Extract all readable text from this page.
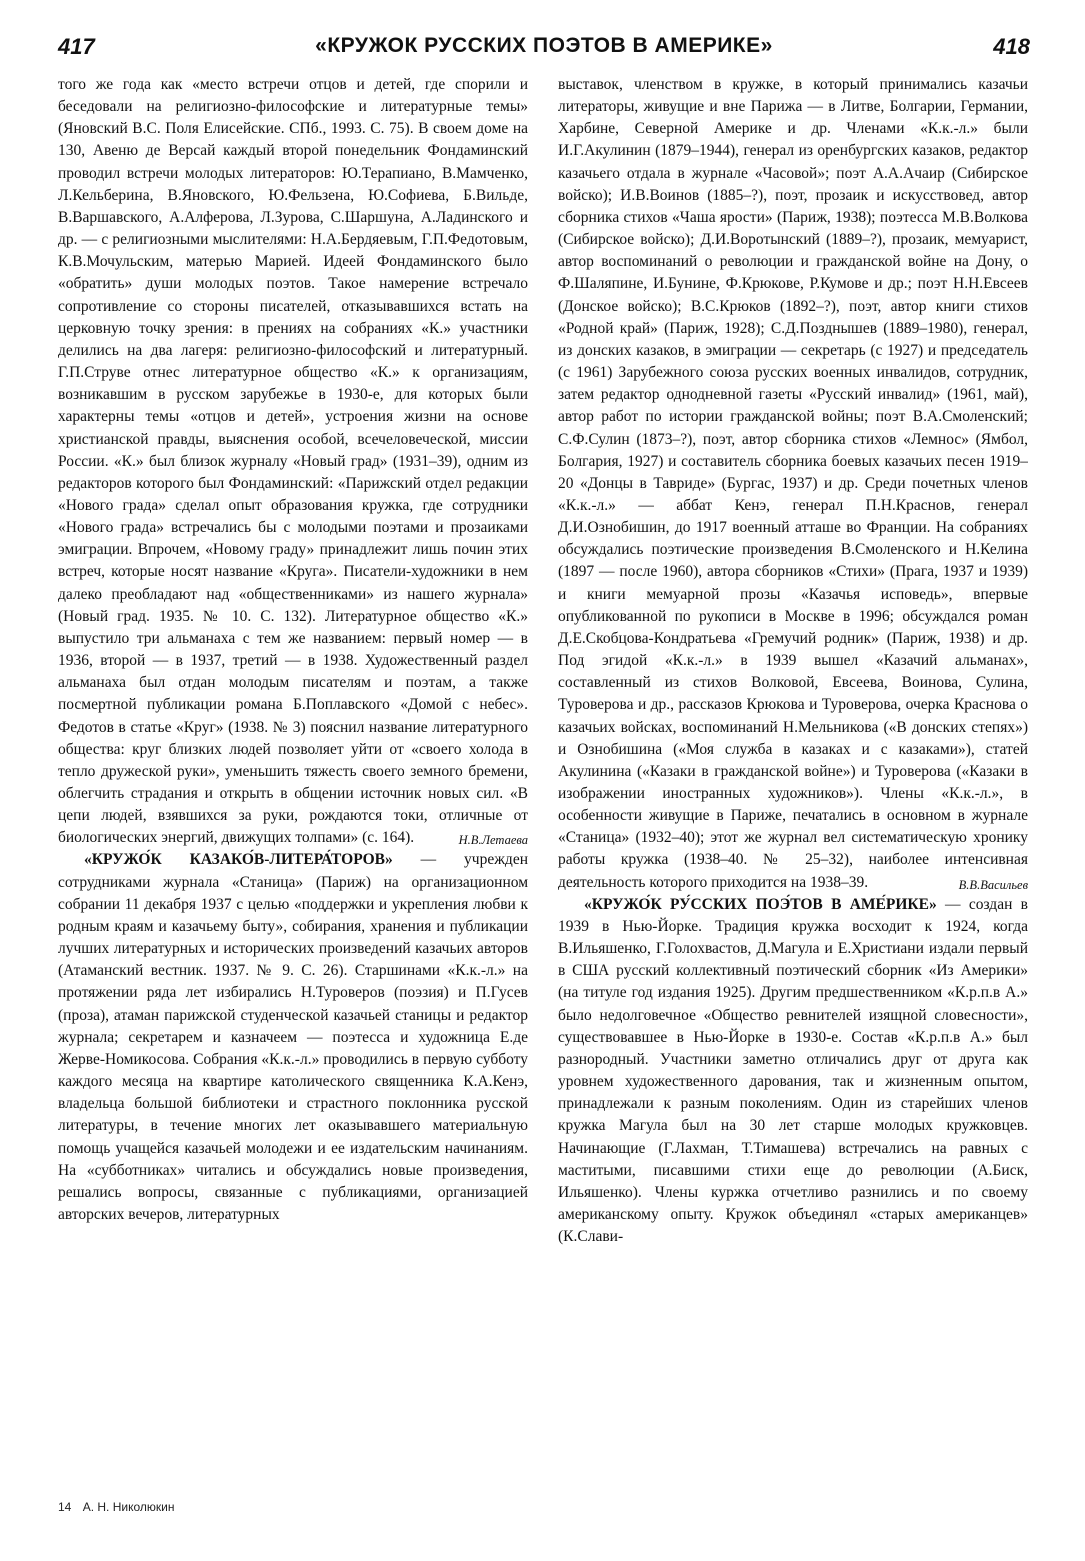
417	«КРУЖОК РУССКИХ ПОЭТОВ В АМЕРИКЕ»	418

того же года как «место встречи отцов и детей, где спорили и беседовали на религиозно-философские и литературные темы» (Яновский В.С. Поля Елисейские. СПб., 1993. С. 75). В своем доме на 130, Авеню де Версай каждый второй понедельник Фондаминский проводил встречи молодых литераторов: Ю.Терапиано, В.Мамченко, Л.Кельберина, В.Яновского, Ю.Фельзена, Ю.Софиева, Б.Вильде, В.Варшавского, А.Алферова, Л.Зурова, С.Шаршуна, А.Ладинского и др. — с религиозными мыслителями: Н.А.Бердяевым, Г.П.Федотовым, К.В.Мочульским, матерью Марией. Идеей Фондаминского было «обратить» души молодых поэтов. Такое намерение встречало сопротивление со стороны писателей, отказывавшихся встать на церковную точку зрения: в прениях на собраниях «К.» участники делились на два лагеря: религиозно-философский и литературный. Г.П.Струве отнес литературное общество «К.» к организациям, возникавшим в русском зарубежье в 1930-е, для которых были характерны темы «отцов и детей», устроения жизни на основе христианской правды, выяснения особой, всечеловеческой, миссии России. «К.» был близок журналу «Новый град» (1931–39), одним из редакторов которого был Фондаминский: «Парижский отдел редакции «Нового града» сделал опыт образования кружка, где сотрудники «Нового града» встречались бы с молодыми поэтами и прозаиками эмиграции. Впрочем, «Новому граду» принадлежит лишь почин этих встреч, которые носят название «Круга». Писатели-художники в нем далеко преобладают над «общественниками» из нашего журнала» (Новый град. 1935. № 10. С. 132). Литературное общество «К.» выпустило три альманаха с тем же названием: первый номер — в 1936, второй — в 1937, третий — в 1938. Художественный раздел альманаха был отдан молодым писателям и поэтам, а также посмертной публикации романа Б.Поплавского «Домой с небес». Федотов в статье «Круг» (1938. № 3) пояснил название литературного общества: круг близких людей позволяет уйти от «своего холода в тепло дружеской руки», уменьшить тяжесть своего земного бремени, облегчить страдания и открыть в общении источник новых сил. «В цепи людей, взявшихся за руки, рождаются токи, отличные от биологических энергий, движущих толпами» (с. 164).	Н.В.Летаева

«КРУЖО́К КАЗАКО́В-ЛИТЕРА́ТОРОВ» — учрежден сотрудниками журнала «Станица» (Париж) на организационном собрании 11 декабря 1937 с целью «поддержки и укрепления любви к родным краям и казачьему быту», собирания, хранения и публикации лучших литературных и исторических произведений казачьих авторов (Атаманский вестник. 1937. № 9. С. 26). Старшинами «К.к.-л.» на протяжении ряда лет избирались Н.Туроверов (поэзия) и П.Гусев (проза), атаман парижской студенческой казачьей станицы и редактор журнала; секретарем и казначеем — поэтесса и художница Е.де Жерве-Номикосова. Собрания «К.к.-л.» проводились в первую субботу каждого месяца на квартире католического священника К.А.Кенэ, владельца большой библиотеки и страстного поклонника русской литературы, в течение многих лет оказывавшего материальную помощь учащейся казачьей молодежи и ее издательским начинаниям. На «субботниках» читались и обсуждались новые произведения, решались вопросы, связанные с публикациями, организацией авторских вечеров, литературных

выставок, членством в кружке, в который принимались казачьи литераторы, живущие и вне Парижа — в Литве, Болгарии, Германии, Харбине, Северной Америке и др. Членами «К.к.-л.» были И.Г.Акулинин (1879–1944), генерал из оренбургских казаков, редактор казачьего отдала в журнале «Часовой»; поэт А.А.Ачаир (Сибирское войско); И.В.Воинов (1885–?), поэт, прозаик и искусствовед, автор сборника стихов «Чаша ярости» (Париж, 1938); поэтесса М.В.Волкова (Сибирское войско); Д.И.Воротынский (1889–?), прозаик, мемуарист, автор воспоминаний о революции и гражданской войне на Дону, о Ф.Шаляпине, И.Бунине, Ф.Крюкове, Р.Кумове и др.; поэт Н.Н.Евсеев (Донское войско); В.С.Крюков (1892–?), поэт, автор книги стихов «Родной край» (Париж, 1928); С.Д.Позднышев (1889–1980), генерал, из донских казаков, в эмиграции — секретарь (с 1927) и председатель (с 1961) Зарубежного союза русских военных инвалидов, сотрудник, затем редактор однодневной газеты «Русский инвалид» (1961, май), автор работ по истории гражданской войны; поэт В.А.Смоленский; С.Ф.Сулин (1873–?), поэт, автор сборника стихов «Лемнос» (Ямбол, Болгария, 1927) и составитель сборника боевых казачьих песен 1919–20 «Донцы в Тавриде» (Бургас, 1937) и др. Среди почетных членов «К.к.-л.» — аббат Кенэ, генерал П.Н.Краснов, генерал Д.И.Ознобишин, до 1917 военный атташе во Франции. На собраниях обсуждались поэтические произведения В.Смоленского и Н.Келина (1897 — после 1960), автора сборников «Стихи» (Прага, 1937 и 1939) и книги мемуарной прозы «Казачья исповедь», впервые опубликованной по рукописи в Москве в 1996; обсуждался роман Д.Е.Скобцова-Кондратьева «Гремучий родник» (Париж, 1938) и др. Под эгидой «К.к.-л.» в 1939 вышел «Казачий альманах», составленный из стихов Волковой, Евсеева, Воинова, Сулина, Туроверова и др., рассказов Крюкова и Туроверова, очерка Краснова о казачьих войсках, воспоминаний Н.Мельникова («В донских степях») и Ознобишина («Моя служба в казаках и с казаками»), статей Акулинина («Казаки в гражданской войне») и Туроверова («Казаки в изображении иностранных художников»). Члены «К.к.-л.», в особенности живущие в Париже, печатались в основном в журнале «Станица» (1932–40); этот же журнал вел систематическую хронику работы кружка (1938–40. № 25–32), наиболее интенсивная деятельность которого приходится на 1938–39.	В.В.Васильев

«КРУЖО́К РУ́ССКИХ ПОЭ́ТОВ В АМЕ́РИКЕ» — создан в 1939 в Нью-Йорке. Традиция кружка восходит к 1924, когда В.Ильяшенко, Г.Голохвастов, Д.Магула и Е.Христиани издали первый в США русский коллективный поэтический сборник «Из Америки» (на титуле год издания 1925). Другим предшественником «К.р.п.в А.» было недолговечное «Общество ревнителей изящной словесности», существовавшее в Нью-Йорке в 1930-е. Состав «К.р.п.в А.» был разнородный. Участники заметно отличались друг от друга как уровнем художественного дарования, так и жизненным опытом, принадлежали к разным поколениям. Один из старейших членов кружка Магула был на 30 лет старше молодых кружковцев. Начинающие (Г.Лахман, Т.Тимашева) встречались на равных с маститыми, писавшими стихи еще до революции (А.Биск, Ильяшенко). Члены куржка отчетливо разнились и по своему американскому опыту. Кружок объединял «старых американцев» (К.Слави-

14 А. Н. Николюкин
